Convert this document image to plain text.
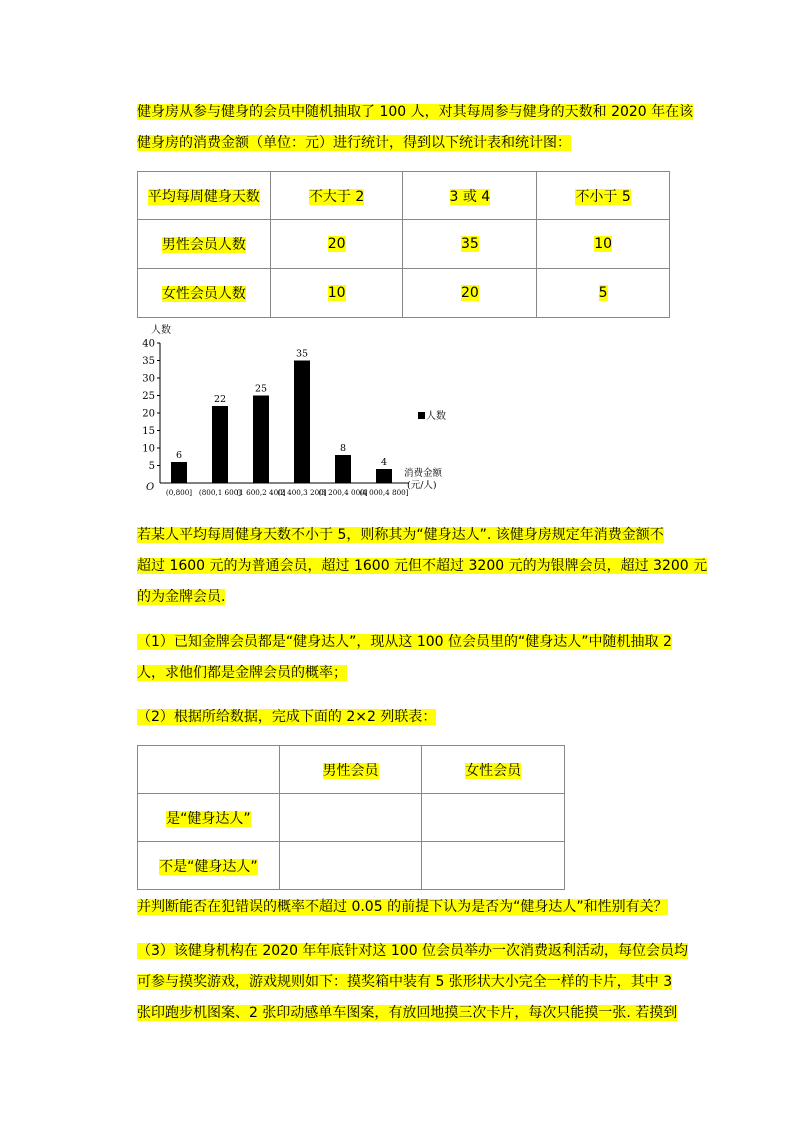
健身房从参与健身的会员中随机抽取了 100 人，对其每周参与健身的天数和 2020 年在该
健身房的消费金额（单位：元）进行统计，得到以下统计表和统计图：
平均每周健身天数	不大于 2	3 或 4	不小于 5
男性会员人数	20	35	10
女性会员人数	10	20	5
5
10
15
20
25
30
35
40
6
22
25
35
8
4
(0,800] (800,1 600]
(1 600,2 400]
(2 400,3 200]
(3 200,4 000]
(4 000,4 800]
人数
O
消费金额
(元/人)
人数
若某人平均每周健身天数不小于 5，则称其为“健身达人”. 该健身房规定年消费金额不
超过 1600 元的为普通会员，超过 1600 元但不超过 3200 元的为银牌会员，超过 3200 元
的为金牌会员.
（1）已知金牌会员都是“健身达人”，现从这 100 位会员里的“健身达人”中随机抽取 2
人，求他们都是金牌会员的概率；
（2）根据所给数据，完成下面的 2×2 列联表：
	男性会员	女性会员
是“健身达人”		
不是“健身达人”		
并判断能否在犯错误的概率不超过 0.05 的前提下认为是否为“健身达人”和性别有关？
（3）该健身机构在 2020 年年底针对这 100 位会员举办一次消费返利活动，每位会员均
可参与摸奖游戏，游戏规则如下：摸奖箱中装有 5 张形状大小完全一样的卡片，其中 3
张印跑步机图案、2 张印动感单车图案，有放回地摸三次卡片，每次只能摸一张. 若摸到
